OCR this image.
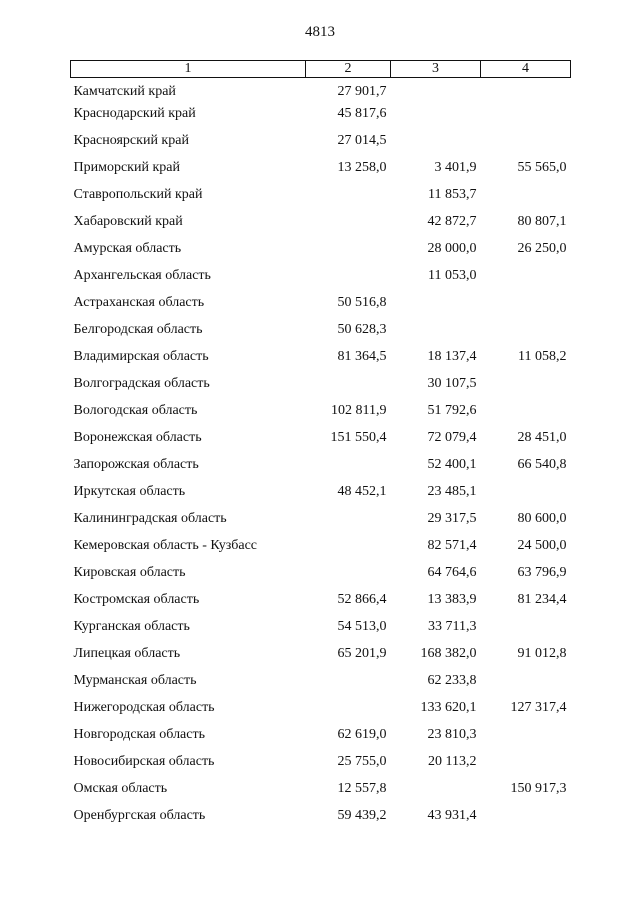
4813
1	2	3	4
Камчатский край	27 901,7		
Краснодарский край	45 817,6		
Красноярский край	27 014,5		
Приморский край	13 258,0	3 401,9	55 565,0
Ставропольский край		11 853,7	
Хабаровский край		42 872,7	80 807,1
Амурская область		28 000,0	26 250,0
Архангельская область		11 053,0	
Астраханская область	50 516,8		
Белгородская область	50 628,3		
Владимирская область	81 364,5	18 137,4	11 058,2
Волгоградская область		30 107,5	
Вологодская область	102 811,9	51 792,6	
Воронежская область	151 550,4	72 079,4	28 451,0
Запорожская область		52 400,1	66 540,8
Иркутская область	48 452,1	23 485,1	
Калининградская область		29 317,5	80 600,0
Кемеровская область - Кузбасс		82 571,4	24 500,0
Кировская область		64 764,6	63 796,9
Костромская область	52 866,4	13 383,9	81 234,4
Курганская область	54 513,0	33 711,3	
Липецкая область	65 201,9	168 382,0	91 012,8
Мурманская область		62 233,8	
Нижегородская область		133 620,1	127 317,4
Новгородская область	62 619,0	23 810,3	
Новосибирская область	25 755,0	20 113,2	
Омская область	12 557,8		150 917,3
Оренбургская область	59 439,2	43 931,4	
